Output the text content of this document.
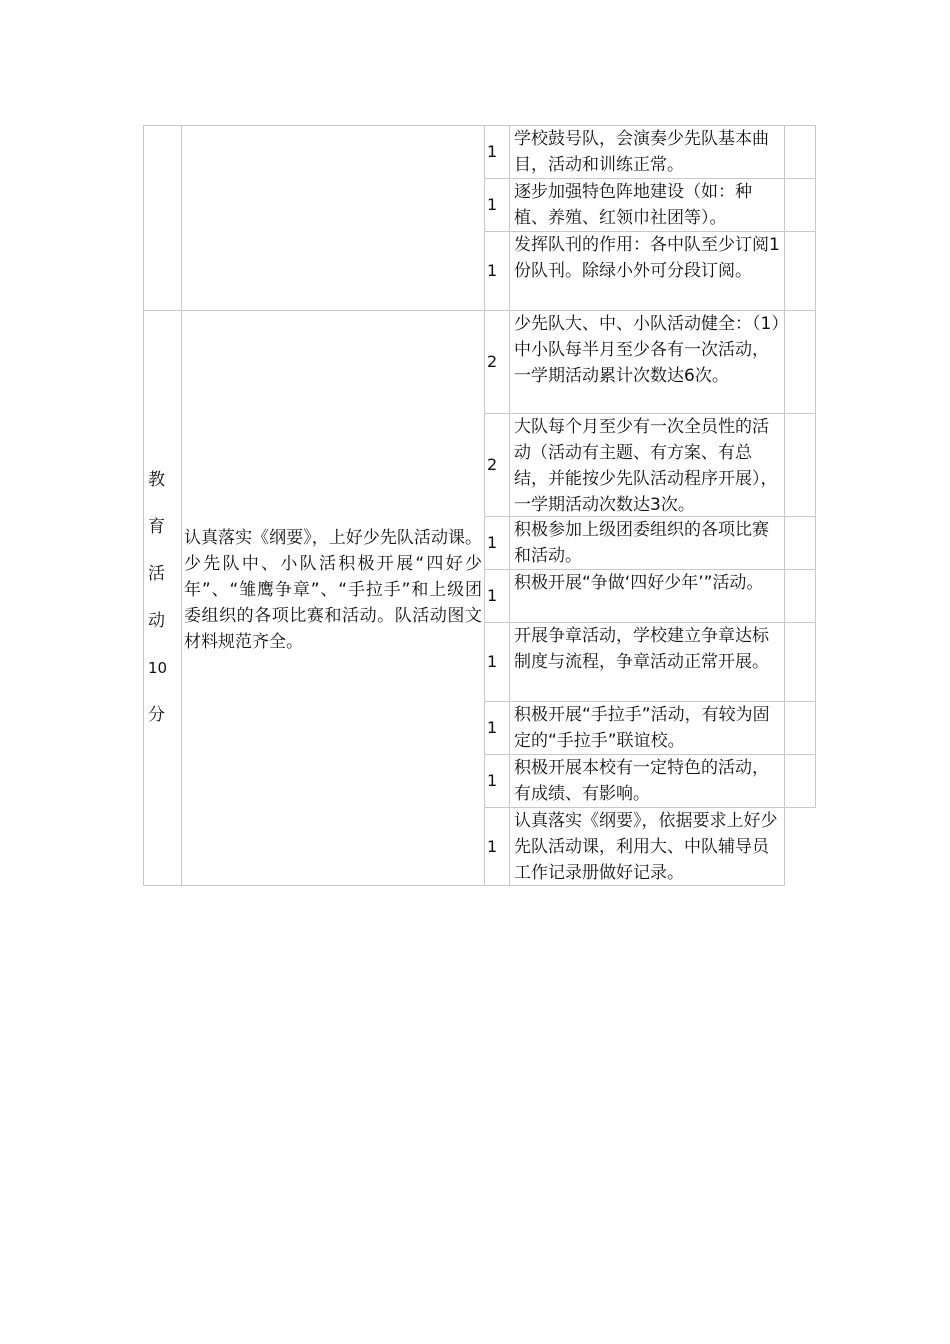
教
育
活
动
10
分
认真落实《纲要》，上好少先队活动课。少先队中、小队活积极开展“四好少年”、“雏鹰争章”、“手拉手”和上级团委组织的各项比赛和活动。队活动图文材料规范齐全。
1
学校鼓号队，会演奏少先队基本曲目，活动和训练正常。
1
逐步加强特色阵地建设（如：种植、养殖、红领巾社团等）。
1
发挥队刊的作用：各中队至少订阅1份队刊。除绿小外可分段订阅。
2
少先队大、中、小队活动健全：（1）中小队每半月至少各有一次活动，一学期活动累计次数达6次。
2
大队每个月至少有一次全员性的活动（活动有主题、有方案、有总结，并能按少先队活动程序开展），一学期活动次数达3次。
1
积极参加上级团委组织的各项比赛和活动。
1
积极开展“争做‘四好少年’”活动。
1
开展争章活动，学校建立争章达标制度与流程，争章活动正常开展。
1
积极开展“手拉手”活动，有较为固定的“手拉手”联谊校。
1
积极开展本校有一定特色的活动，有成绩、有影响。
1
认真落实《纲要》，依据要求上好少先队活动课，利用大、中队辅导员工作记录册做好记录。
